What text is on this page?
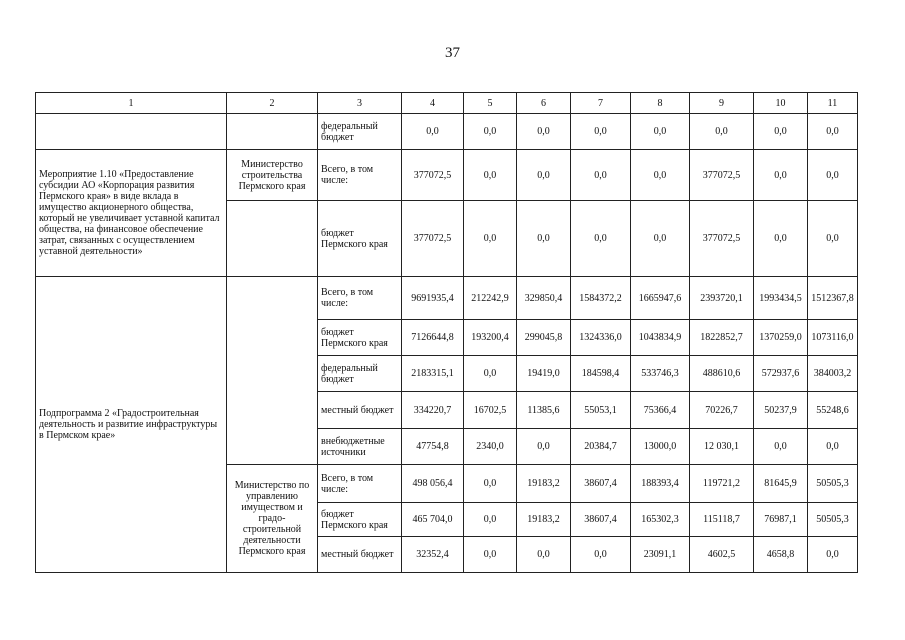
37
1	2	3	4	5	6	7	8	9	10	11
		федеральный бюджет	0,0	0,0	0,0	0,0	0,0	0,0	0,0	0,0
Мероприятие 1.10 «Предоставление субсидии АО «Корпорация развития Пермского края» в виде вклада в имущество акционерного общества, который не увеличивает уставной капитал общества, на финансовое обеспечение затрат, связанных с осуществлением уставной деятельности»	Министерство строительства Пермского края	Всего, в том числе:	377072,5	0,0	0,0	0,0	0,0	377072,5	0,0	0,0
		бюджет Пермского края	377072,5	0,0	0,0	0,0	0,0	377072,5	0,0	0,0
Подпрограмма 2 «Градостроительная деятельность и развитие инфраструктуры в Пермском крае»		Всего, в том числе:	9691935,4	212242,9	329850,4	1584372,2	1665947,6	2393720,1	1993434,5	1512367,8
		бюджет Пермского края	7126644,8	193200,4	299045,8	1324336,0	1043834,9	1822852,7	1370259,0	1073116,0
		федеральный бюджет	2183315,1	0,0	19419,0	184598,4	533746,3	488610,6	572937,6	384003,2
		местный бюджет	334220,7	16702,5	11385,6	55053,1	75366,4	70226,7	50237,9	55248,6
		внебюджетные источники	47754,8	2340,0	0,0	20384,7	13000,0	12 030,1	0,0	0,0
	Министерство по управлению имуществом и градо-строительной деятельности Пермского края	Всего, в том числе:	498 056,4	0,0	19183,2	38607,4	188393,4	119721,2	81645,9	50505,3
		бюджет Пермского края	465 704,0	0,0	19183,2	38607,4	165302,3	115118,7	76987,1	50505,3
		местный бюджет	32352,4	0,0	0,0	0,0	23091,1	4602,5	4658,8	0,0
